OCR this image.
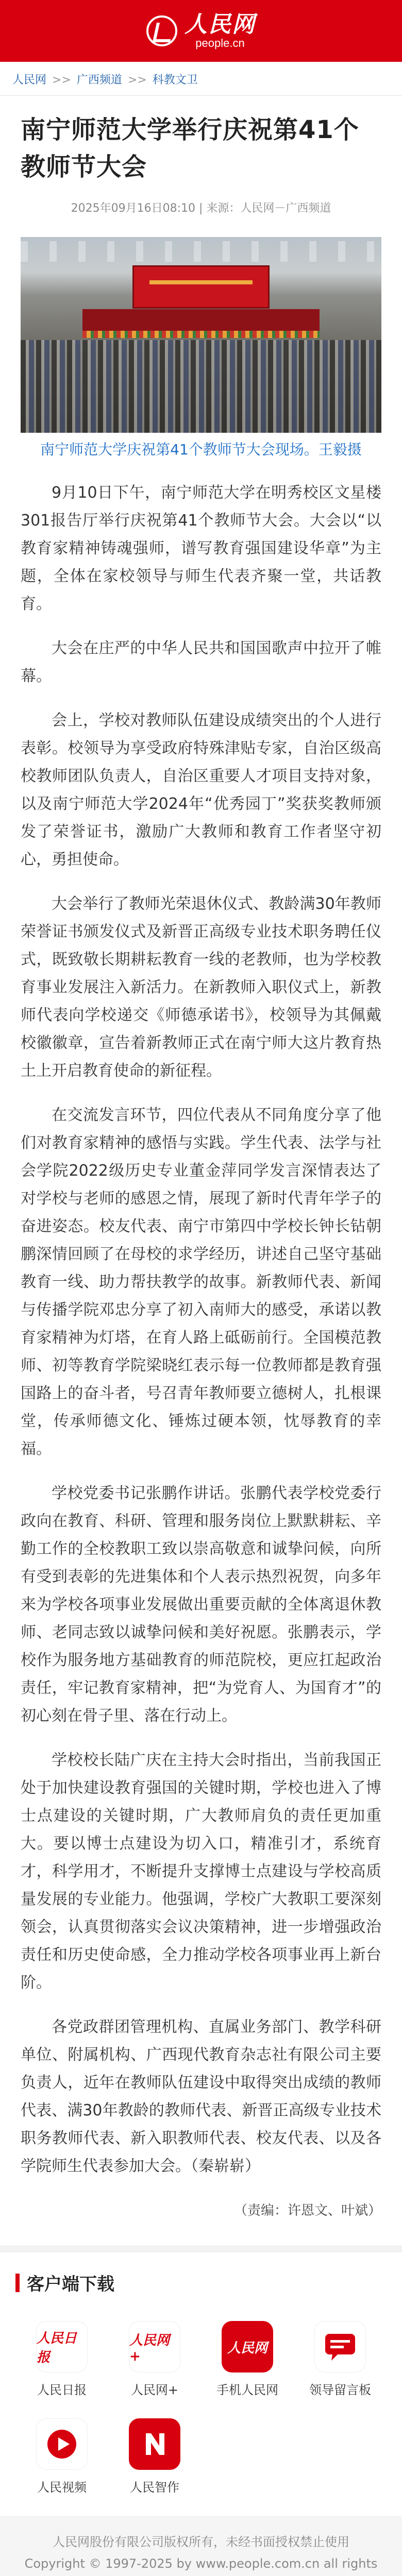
人民网
people.cn
人民网 >> 广西频道 >> 科教文卫
南宁师范大学举行庆祝第41个教师节大会
2025年09月16日08:10 | 来源：人民网－广西频道
南宁师范大学庆祝第41个教师节大会现场。王毅摄

9月10日下午，南宁师范大学在明秀校区文星楼301报告厅举行庆祝第41个教师节大会。大会以“以教育家精神铸魂强师，谱写教育强国建设华章”为主题，全体在家校领导与师生代表齐聚一堂，共话教育。

大会在庄严的中华人民共和国国歌声中拉开了帷幕。

会上，学校对教师队伍建设成绩突出的个人进行表彰。校领导为享受政府特殊津贴专家，自治区级高校教师团队负责人，自治区重要人才项目支持对象，以及南宁师范大学2024年“优秀园丁”奖获奖教师颁发了荣誉证书，激励广大教师和教育工作者坚守初心，勇担使命。

大会举行了教师光荣退休仪式、教龄满30年教师荣誉证书颁发仪式及新晋正高级专业技术职务聘任仪式，既致敬长期耕耘教育一线的老教师，也为学校教育事业发展注入新活力。在新教师入职仪式上，新教师代表向学校递交《师德承诺书》，校领导为其佩戴校徽徽章，宣告着新教师正式在南宁师大这片教育热土上开启教育使命的新征程。

在交流发言环节，四位代表从不同角度分享了他们对教育家精神的感悟与实践。学生代表、法学与社会学院2022级历史专业董金萍同学发言深情表达了对学校与老师的感恩之情，展现了新时代青年学子的奋进姿态。校友代表、南宁市第四中学校长钟长钻朝鹏深情回顾了在母校的求学经历，讲述自己坚守基础教育一线、助力帮扶教学的故事。新教师代表、新闻与传播学院邓忠分享了初入南师大的感受，承诺以教育家精神为灯塔，在育人路上砥砺前行。全国模范教师、初等教育学院梁晓红表示每一位教师都是教育强国路上的奋斗者，号召青年教师要立德树人，扎根课堂，传承师德文化、锤炼过硬本领，忱辱教育的幸福。

学校党委书记张鹏作讲话。张鹏代表学校党委行政向在教育、科研、管理和服务岗位上默默耕耘、辛勤工作的全校教职工致以崇高敬意和诚挚问候，向所有受到表彰的先进集体和个人表示热烈祝贺，向多年来为学校各项事业发展做出重要贡献的全体离退休教师、老同志致以诚挚问候和美好祝愿。张鹏表示，学校作为服务地方基础教育的师范院校，更应扛起政治责任，牢记教育家精神，把“为党育人、为国育才”的初心刻在骨子里、落在行动上。

学校校长陆广庆在主持大会时指出，当前我国正处于加快建设教育强国的关键时期，学校也进入了博士点建设的关键时期，广大教师肩负的责任更加重大。要以博士点建设为切入口，精准引才，系统育才，科学用才，不断提升支撑博士点建设与学校高质量发展的专业能力。他强调，学校广大教职工要深刻领会，认真贯彻落实会议决策精神，进一步增强政治责任和历史使命感，全力推动学校各项事业再上新台阶。

各党政群团管理机构、直属业务部门、教学科研单位、附属机构、广西现代教育杂志社有限公司主要负责人，近年在教师队伍建设中取得突出成绩的教师代表、满30年教龄的教师代表、新晋正高级专业技术职务教师代表、新入职教师代表、校友代表、以及各学院师生代表参加大会。（秦崭崭）

（责编：许恩文、叶斌）

客户端下载
人民日报
人民日报
人民网+
人民网+
人民网
手机人民网	领导留言板
人民视频	人民智作
人民网股份有限公司版权所有，未经书面授权禁止使用
Copyright © 1997-2025 by www.people.com.cn all rights
